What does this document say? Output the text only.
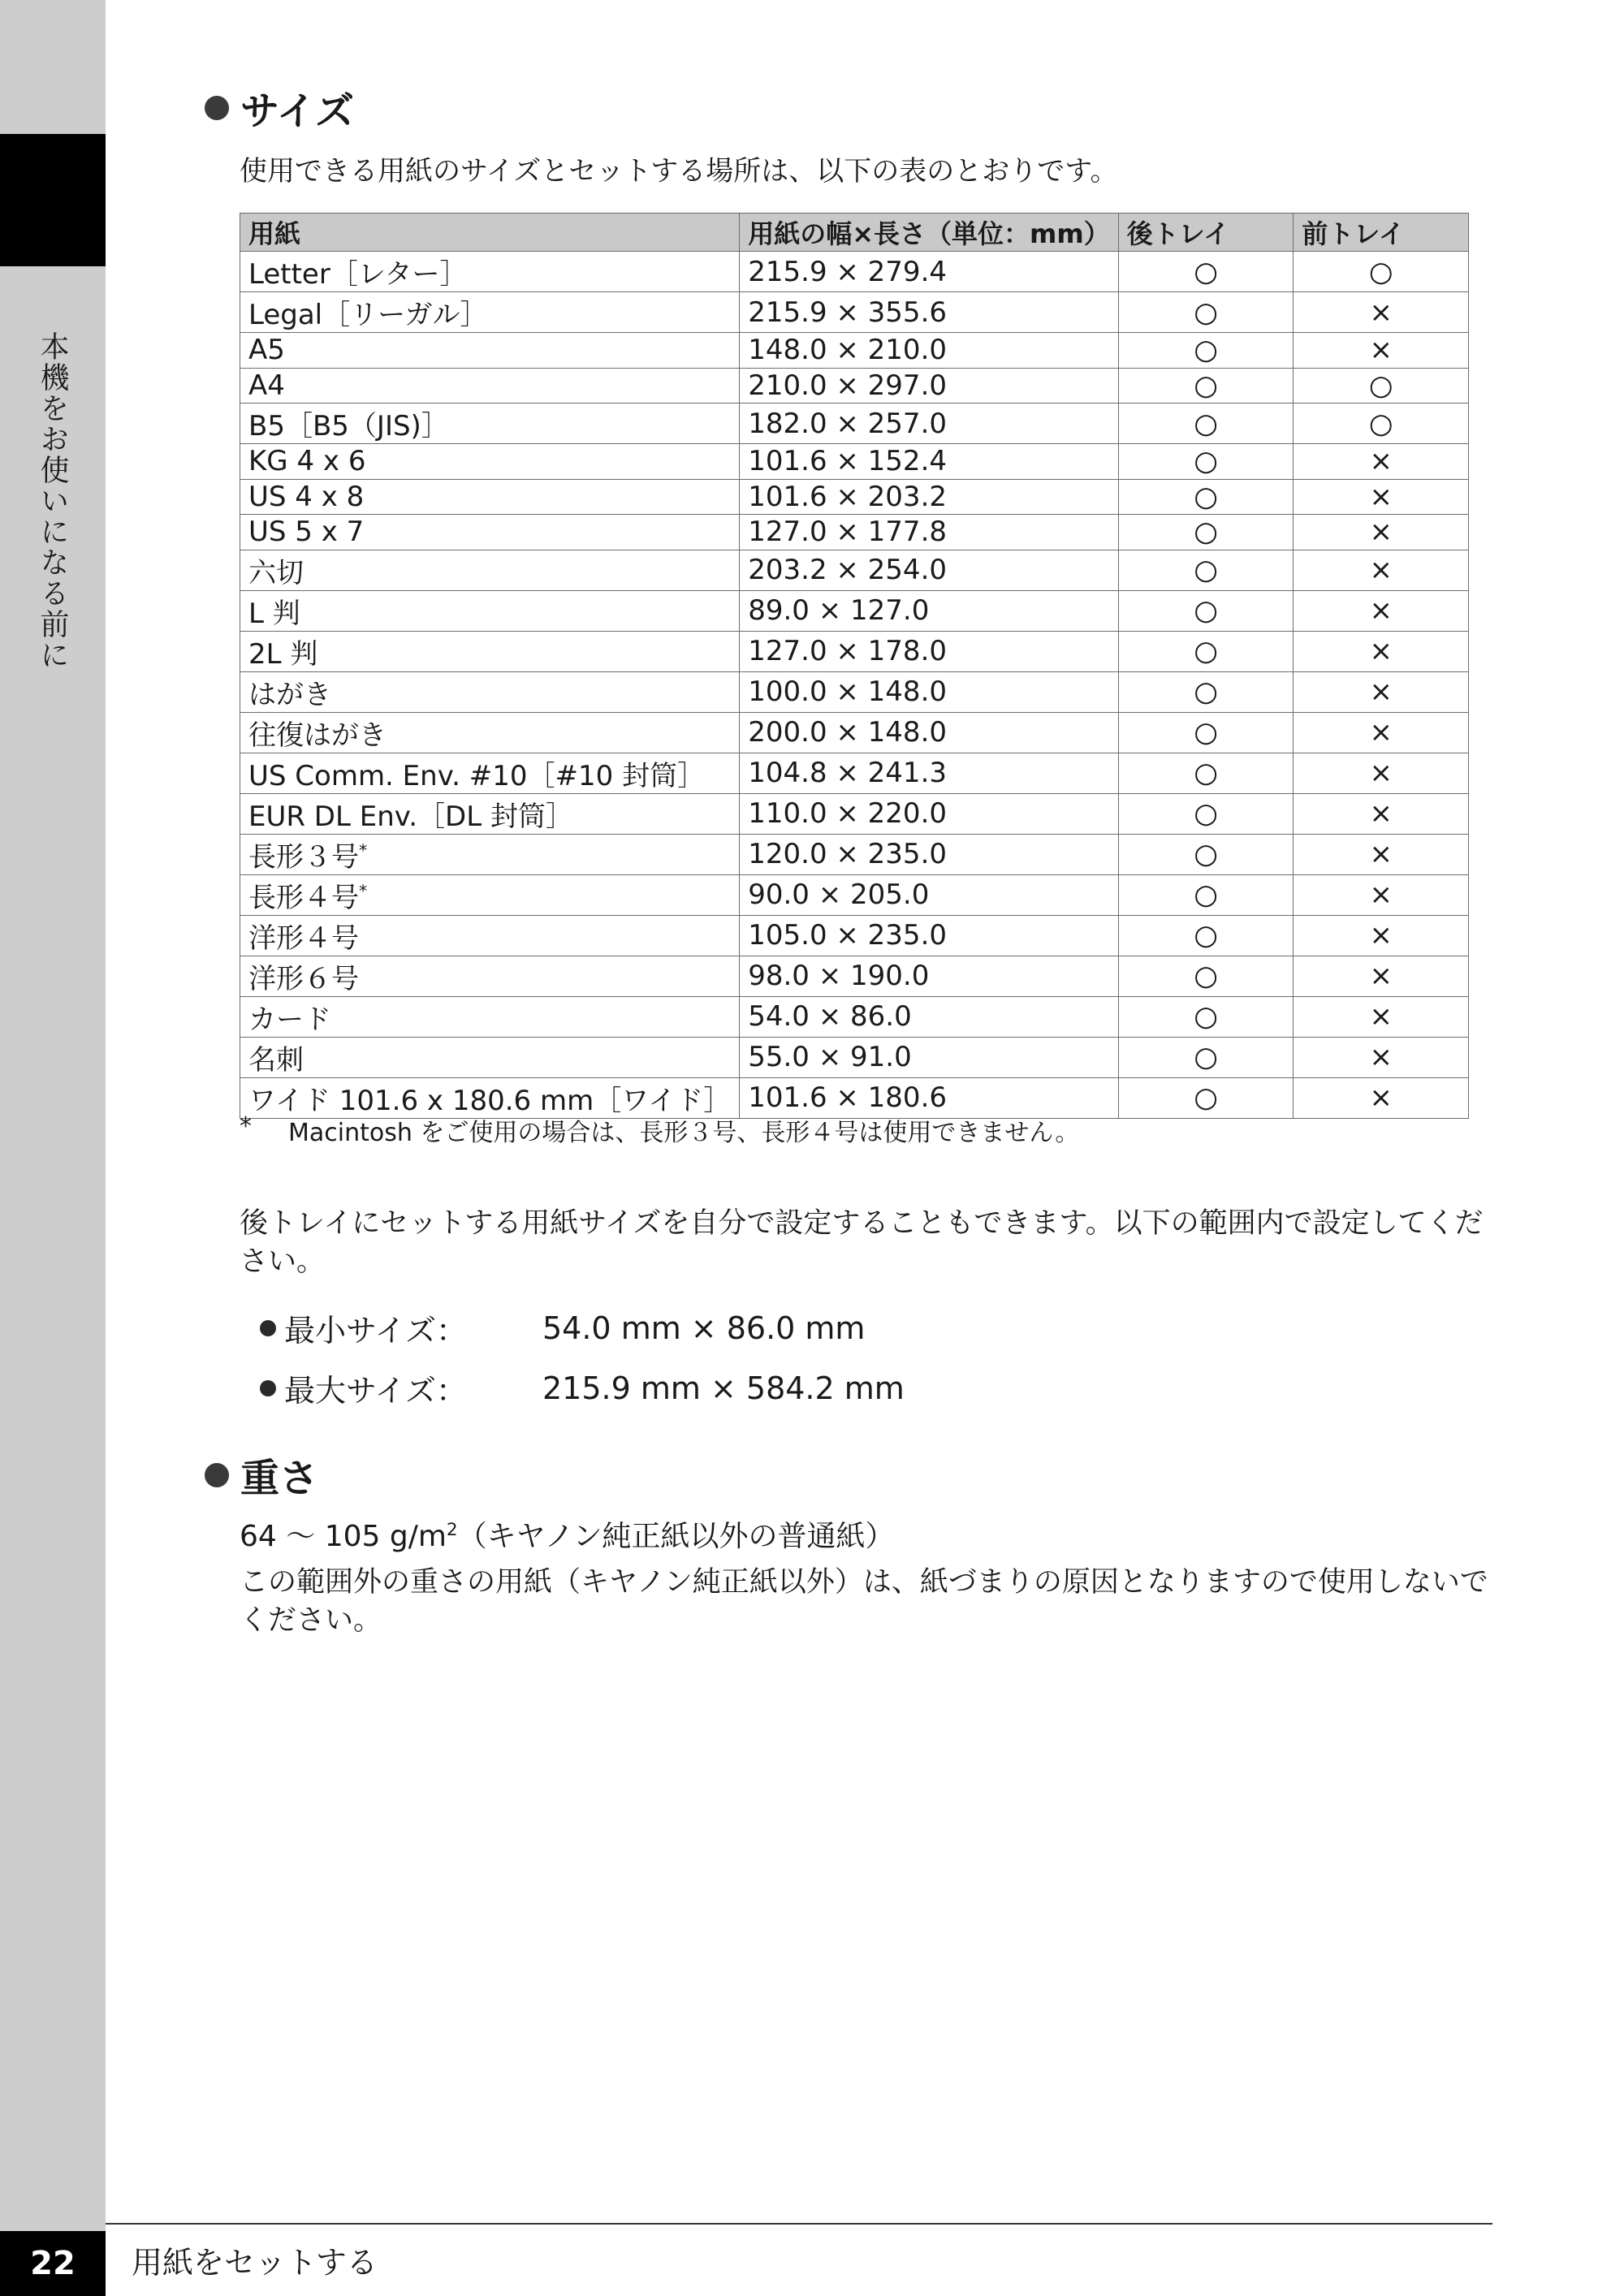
本機をお使いになる前に
サイズ
使用できる用紙のサイズとセットする場所は、以下の表のとおりです。
用紙	用紙の幅×長さ（単位：mm）	後トレイ	前トレイ
Letter［レター］	215.9 × 279.4	○	○
Legal［リーガル］	215.9 × 355.6	○	×
A5	148.0 × 210.0	○	×
A4	210.0 × 297.0	○	○
B5［B5（JIS)］	182.0 × 257.0	○	○
KG 4 x 6	101.6 × 152.4	○	×
US 4 x 8	101.6 × 203.2	○	×
US 5 x 7	127.0 × 177.8	○	×
六切	203.2 × 254.0	○	×
L 判	89.0 × 127.0	○	×
2L 判	127.0 × 178.0	○	×
はがき	100.0 × 148.0	○	×
往復はがき	200.0 × 148.0	○	×
US Comm. Env. #10［#10 封筒］	104.8 × 241.3	○	×
EUR DL Env.［DL 封筒］	110.0 × 220.0	○	×
長形３号*	120.0 × 235.0	○	×
長形４号*	90.0 × 205.0	○	×
洋形４号	105.0 × 235.0	○	×
洋形６号	98.0 × 190.0	○	×
カード	54.0 × 86.0	○	×
名刺	55.0 × 91.0	○	×
ワイド 101.6 x 180.6 mm［ワイド］	101.6 × 180.6	○	×
*	Macintosh をご使用の場合は、長形３号、長形４号は使用できません。
後トレイにセットする用紙サイズを自分で設定することもできます。以下の範囲内で設定してください。
最小サイズ：	54.0 mm × 86.0 mm
最大サイズ：	215.9 mm × 584.2 mm
重さ
64 〜 105 $g/m^2$（キヤノン純正紙以外の普通紙）
この範囲外の重さの用紙（キヤノン純正紙以外）は、紙づまりの原因となりますので使用しないでください。
22	用紙をセットする
